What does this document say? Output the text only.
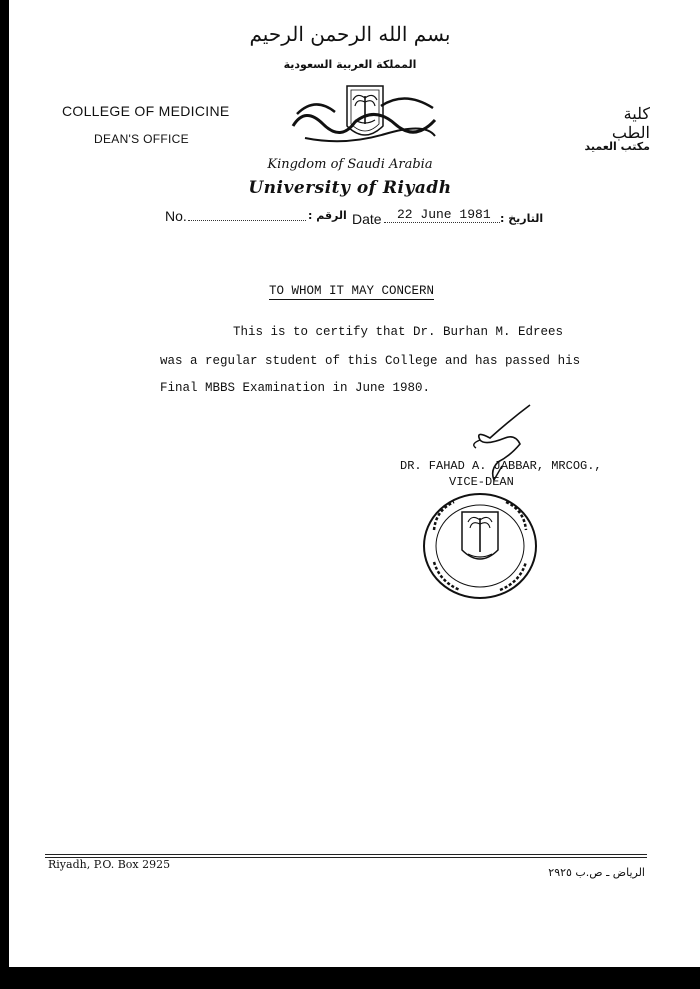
بسم الله الرحمن الرحيم
المملكة العربية السعودية
Kingdom of Saudi Arabia
University of Riyadh
COLLEGE OF MEDICINE
DEAN'S OFFICE
كلية الطب
مكتب العميد
No.	الرقم : Date 22 June 1981 التاريخ :
TO WHOM IT MAY CONCERN
This is to certify that Dr. Burhan M. Edrees
was a regular student of this College and has passed his
Final MBBS Examination in June 1980.
DR. FAHAD A. JABBAR, MRCOG.,
VICE-DEAN
Riyadh, P.O. Box 2925
الرياض ـ ص.ب ٢٩٢٥
